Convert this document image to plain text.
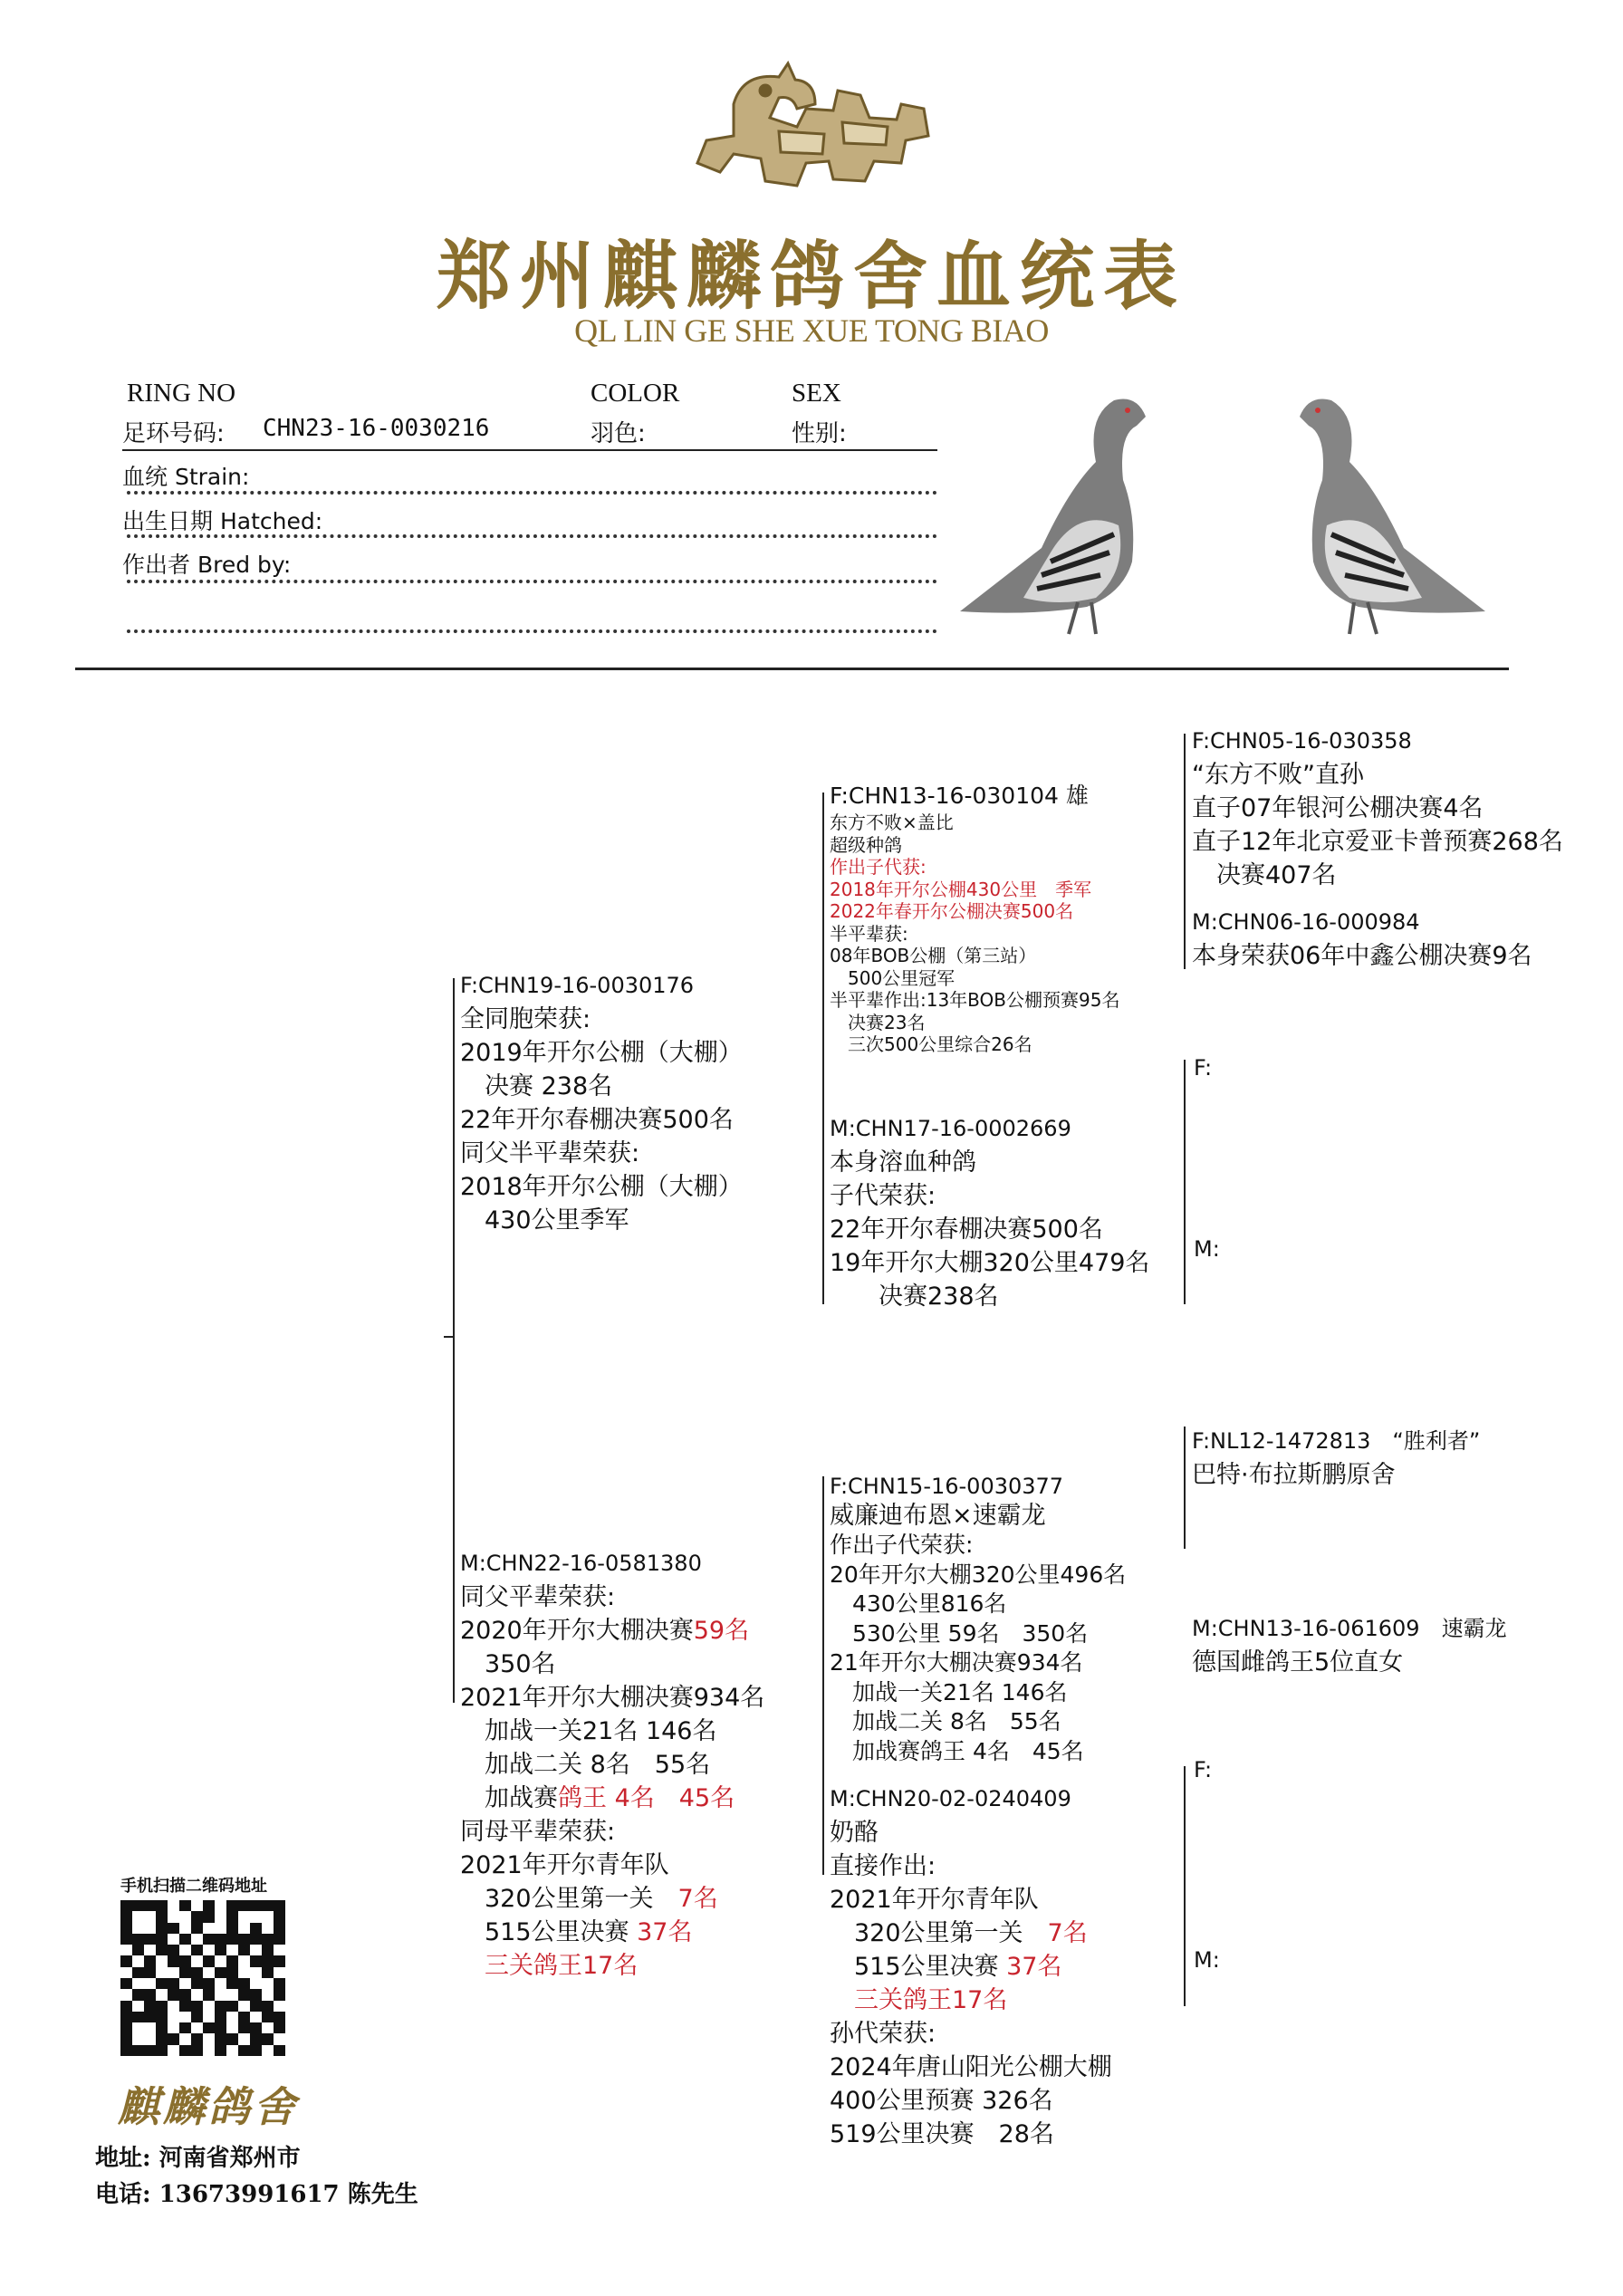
郑州麒麟鸽舍血统表
QL LIN GE SHE XUE TONG BIAO
RING NO
足环号码: CHN23-16-0030216
COLOR
羽色:
SEX
性别:
血统 Strain:
出生日期 Hatched:
作出者 Bred by:
F:CHN19-16-0030176
全同胞荣获:
2019年开尔公棚（大棚）
　决赛 238名
22年开尔春棚决赛500名
同父半平辈荣获:
2018年开尔公棚（大棚）
　430公里季军
M:CHN22-16-0581380
同父平辈荣获:
2020年开尔大棚决赛59名
　350名
2021年开尔大棚决赛934名
　加战一关21名 146名
　加战二关 8名　55名
　加战赛鸽王 4名　45名
同母平辈荣获:
2021年开尔青年队
　320公里第一关　7名
　515公里决赛 37名
　三关鸽王17名
F:CHN13-16-030104 雄
东方不败×盖比
超级种鸽
作出子代获:
2018年开尔公棚430公里　季军
2022年春开尔公棚决赛500名
半平辈获:
08年BOB公棚（第三站）
　500公里冠军
半平辈作出:13年BOB公棚预赛95名
　决赛23名
　三次500公里综合26名
M:CHN17-16-0002669
本身溶血种鸽
子代荣获:
22年开尔春棚决赛500名
19年开尔大棚320公里479名
　　决赛238名
F:CHN15-16-0030377
威廉迪布恩×速霸龙
作出子代荣获:
20年开尔大棚320公里496名
　430公里816名
　530公里 59名　350名
21年开尔大棚决赛934名
　加战一关21名 146名
　加战二关 8名　55名
　加战赛鸽王 4名　45名
M:CHN20-02-0240409
奶酪
直接作出:
2021年开尔青年队
　320公里第一关　7名
　515公里决赛 37名
　三关鸽王17名
孙代荣获:
2024年唐山阳光公棚大棚
400公里预赛 326名
519公里决赛　28名
F:CHN05-16-030358
“东方不败”直孙
直子07年银河公棚决赛4名
直子12年北京爱亚卡普预赛268名
　决赛407名
M:CHN06-16-000984
本身荣获06年中鑫公棚决赛9名
F:
M:
F:NL12-1472813　“胜利者”
巴特·布拉斯鹏原舍
M:CHN13-16-061609　速霸龙
德国雌鸽王5位直女
F:
M:
手机扫描二维码地址
麒麟鸽舍
地址: 河南省郑州市
电话: 13673991617 陈先生
